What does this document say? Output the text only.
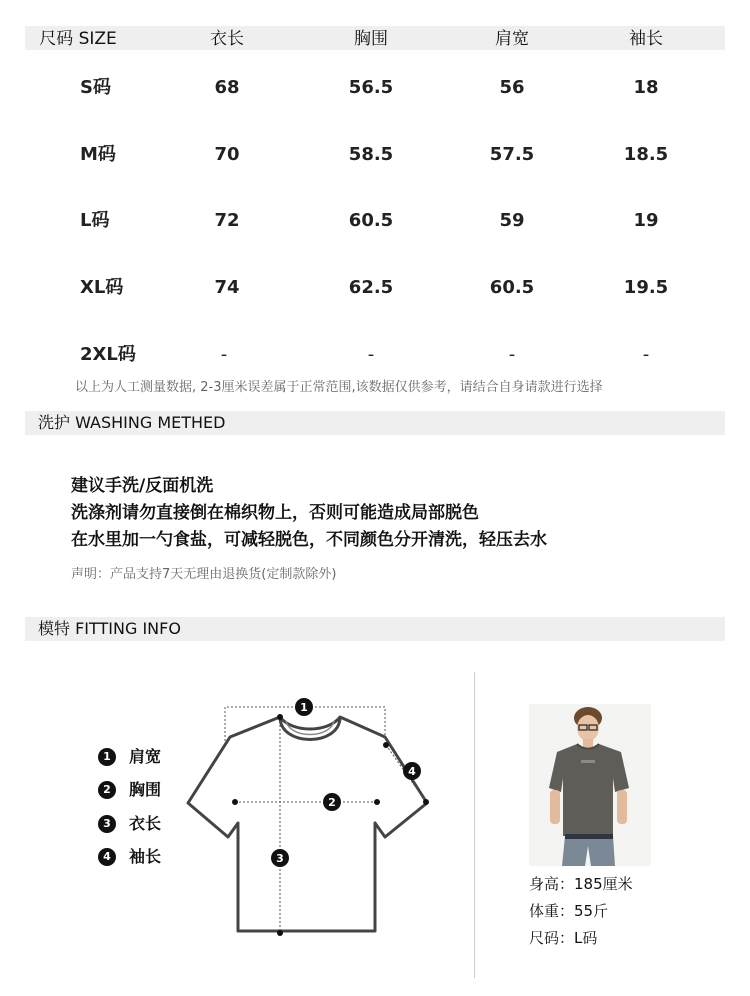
尺码 SIZE	衣长	胸围	肩宽	袖长
S码	68	56.5	56	18
M码	70	58.5	57.5	18.5
L码	72	60.5	59	19
XL码	74	62.5	60.5	19.5
2XL码	-	-	-	-
以上为人工测量数据, 2-3厘米误差属于正常范围,该数据仅供参考，请结合自身请款进行选择
洗护 WASHING METHED
建议手洗/反面机洗
洗涤剂请勿直接倒在棉织物上，否则可能造成局部脱色
在水里加一勺食盐，可减轻脱色，不同颜色分开清洗，轻压去水
声明：产品支持7天无理由退换货(定制款除外)
模特 FITTING INFO
1	肩宽
2	胸围
3	衣长
4	袖长
1
2
3
4
身高：185厘米
体重：55斤
尺码：L码
